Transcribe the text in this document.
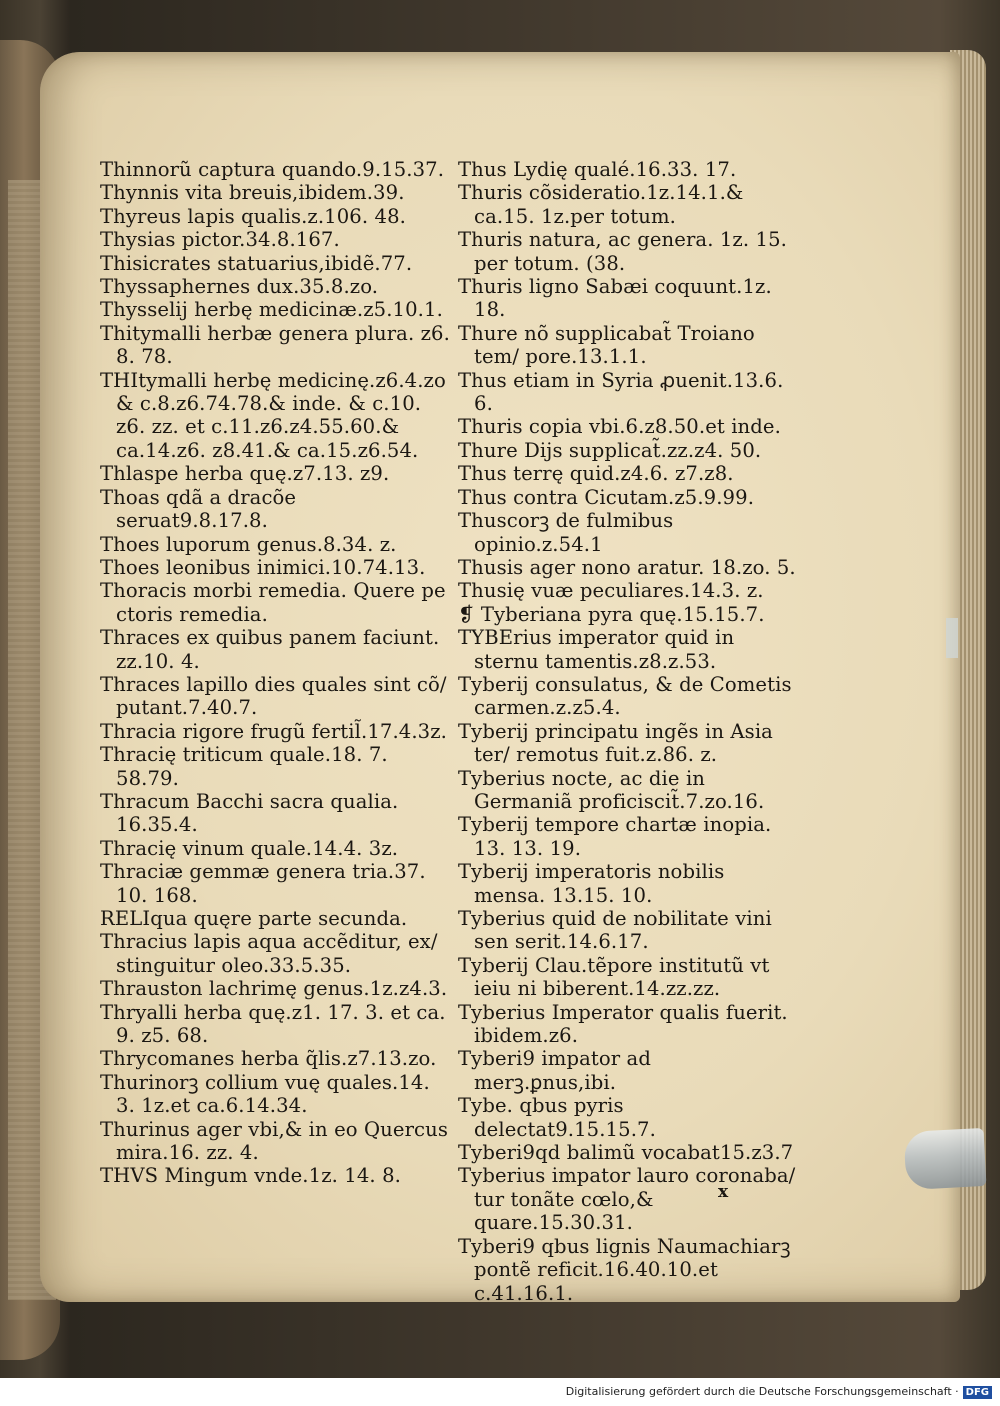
Thinnorũ captura quando.9.15.37.

Thynnis vita breuis,ibidem.39.

Thyreus lapis qualis.z.106. 48.

Thysias pictor.34.8.167.

Thisicrates statuarius,ibidẽ.77.

Thyssaphernes dux.35.8.zo.

Thysselij herbę medicinæ.z5.10.1.

Thitymalli herbæ genera plura. z6. 8. 78.

THItymalli herbę medicinę.z6.4.zo & c.8.z6.74.78.& inde. & c.10. z6. zz. et c.11.z6.z4.55.60.& ca.14.z6. z8.41.& ca.15.z6.54.

Thlaspe herba quę.z7.13. z9.

Thoas qdã a dracõe seruat9.8.17.8.

Thoes luporum genus.8.34. z.

Thoes leonibus inimici.10.74.13.

Thoracis morbi remedia. Quere pe ctoris remedia.

Thraces ex quibus panem faciunt. zz.10. 4.

Thraces lapillo dies quales sint cõ/ putant.7.40.7.

Thracia rigore frugũ fertil̃.17.4.3z.

Thracię triticum quale.18. 7. 58.79.

Thracum Bacchi sacra qualia. 16.35.4.

Thracię vinum quale.14.4. 3z.

Thraciæ gemmæ genera tria.37. 10. 168.

RELIqua quęre parte secunda.

Thracius lapis aqua accẽditur, ex/ stinguitur oleo.33.5.35.

Thrauston lachrimę genus.1z.z4.3.

Thryalli herba quę.z1. 17. 3. et ca. 9. z5. 68.

Thrycomanes herba q̃lis.z7.13.zo.

Thurinorꝫ collium vuę quales.14. 3. 1z.et ca.6.14.34.

Thurinus ager vbi,& in eo Quercus mira.16. zz. 4.

THVS Mingum vnde.1z. 14. 8.

Thus Lydię qualé.16.33. 17.

Thuris cõsideratio.1z.14.1.& ca.15. 1z.per totum.

Thuris natura, ac genera. 1z. 15. per totum. (38.

Thuris ligno Sabæi coquunt.1z. 18.

Thure nõ supplicabat̃ Troiano tem/ pore.13.1.1.

Thus etiam in Syria ꝓuenit.13.6. 6.

Thuris copia vbi.6.z8.50.et inde.

Thure Dijs supplicat̃.zz.z4. 50.

Thus terrę quid.z4.6. z7.z8.

Thus contra Cicutam.z5.9.99.

Thuscorꝫ de fulmibus opinio.z.54.1

Thusis ager nono aratur. 18.zo. 5.

Thusię vuæ peculiares.14.3. z.

❡ Tyberiana pyra quę.15.15.7.

TYBErius imperator quid in sternu tamentis.z8.z.53.

Tyberij consulatus, & de Cometis carmen.z.z5.4.

Tyberij principatu ingẽs in Asia ter/ remotus fuit.z.86. z.

Tyberius nocte, ac die in Germaniã proficiscit̃.7.zo.16.

Tyberij tempore chartæ inopia. 13. 13. 19.

Tyberij imperatoris nobilis mensa. 13.15. 10.

Tyberius quid de nobilitate vini sen serit.14.6.17.

Tyberij Clau.tẽpore institutũ vt ieiu ni biberent.14.zz.zz.

Tyberius Imperator qualis fuerit. ibidem.z6.

Tyberi9 impator ad merꝫ.ꝑnus,ibi.

Tybe. qbus pyris delectat9.15.15.7.

Tyberi9qd balimũ vocabat15.z3.7

Tyberius impator lauro coronaba/ tur tonãte cœlo,& quare.15.30.31.

Tyberi9 qbus lignis Naumachiarꝫ pontẽ reficit.16.40.10.et c.41.16.1.

x
Digitalisierung gefördert durch die Deutsche Forschungsgemeinschaft · DFG
